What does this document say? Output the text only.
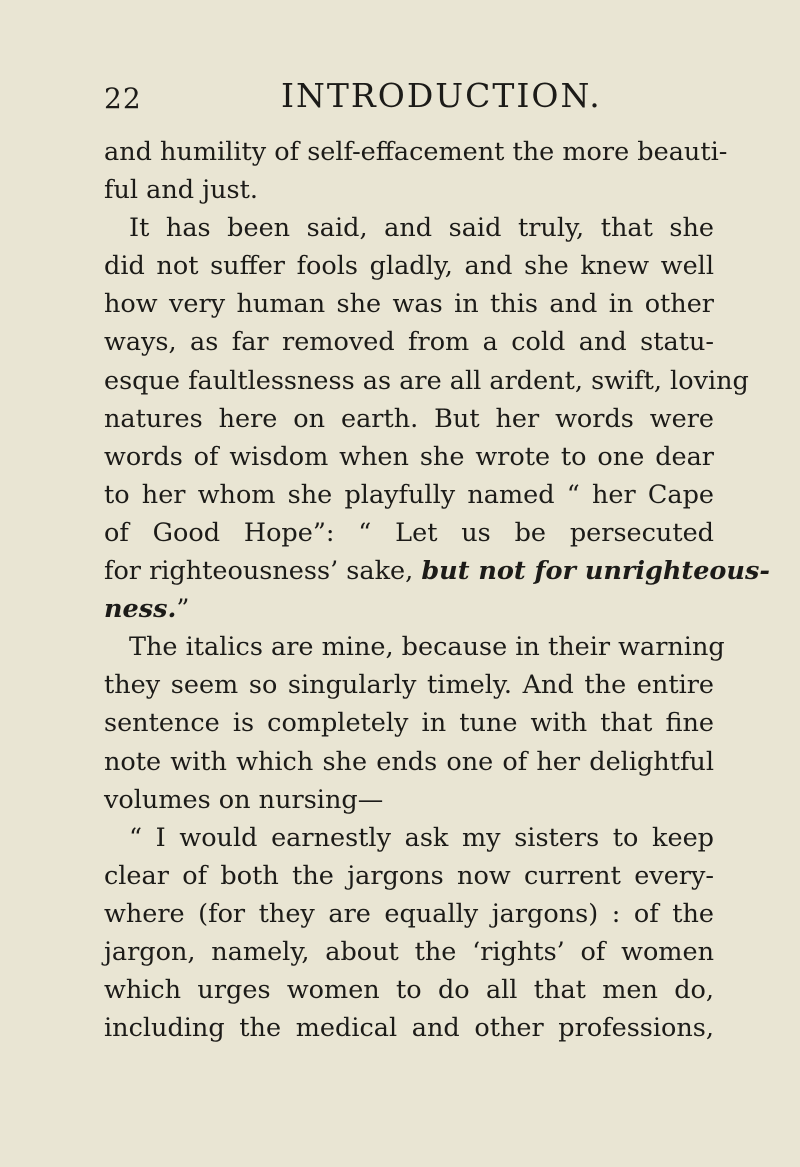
22	INTRODUCTION.
and humility of self-effacement the more beauti-
ful and just.
It has been said, and said truly, that she
did not suffer fools gladly, and she knew well
how very human she was in this and in other
ways, as far removed from a cold and statu-
esque faultlessness as are all ardent, swift, loving
natures here on earth. But her words were
words of wisdom when she wrote to one dear
to her whom she playfully named “ her Cape
of Good Hope”: “ Let us be persecuted
for righteousness’ sake, but not for unrighteous-
ness.”
The italics are mine, because in their warning
they seem so singularly timely. And the entire
sentence is completely in tune with that fine
note with which she ends one of her delightful
volumes on nursing—
“ I would earnestly ask my sisters to keep
clear of both the jargons now current every-
where (for they are equally jargons) : of the
jargon, namely, about the ‘rights’ of women
which urges women to do all that men do,
including the medical and other professions,
